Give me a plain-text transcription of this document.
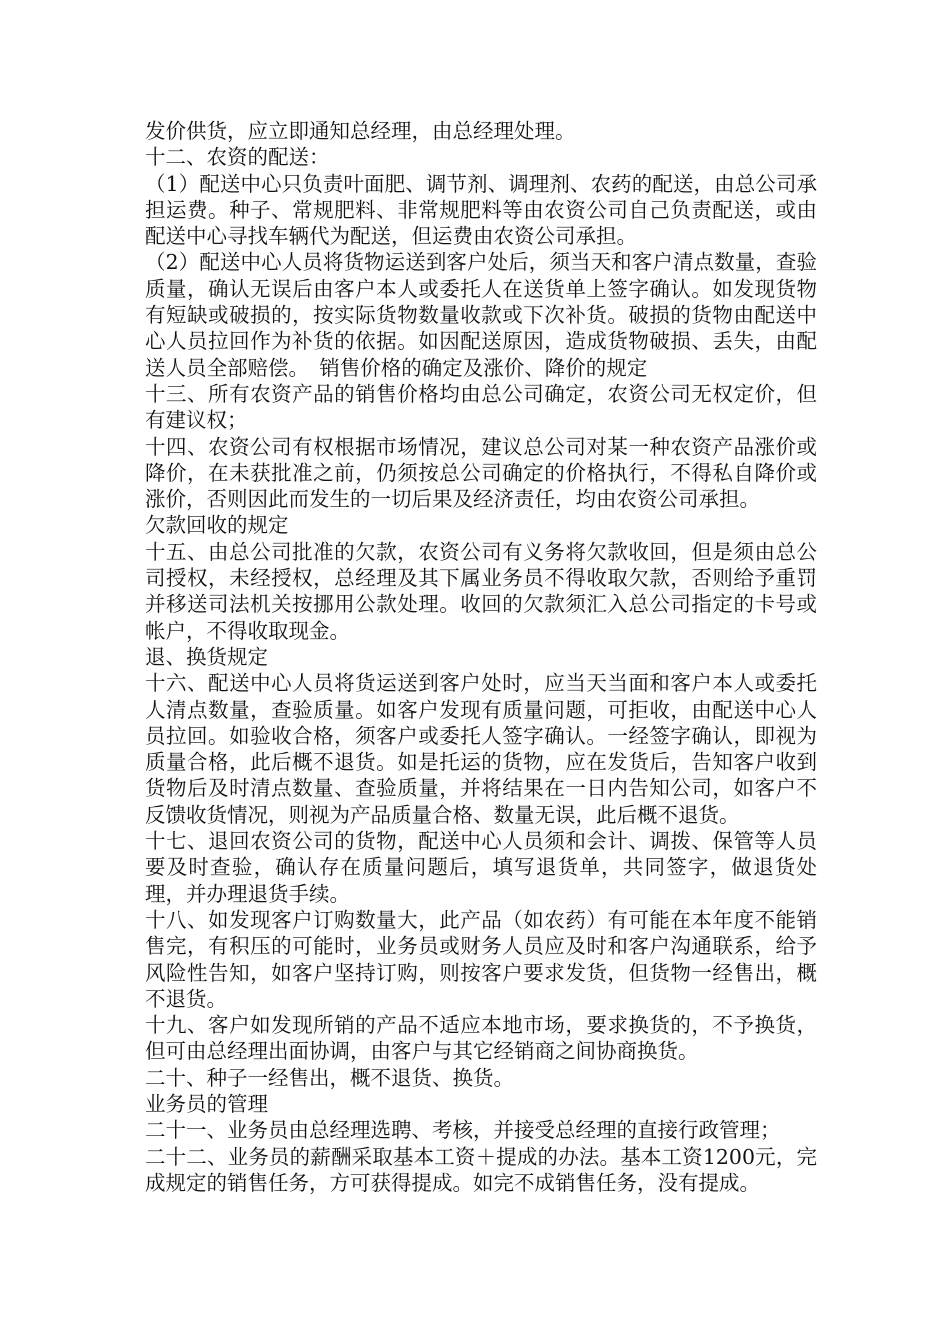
发价供货，应立即通知总经理，由总经理处理。

十二、农资的配送：

（1）配送中心只负责叶面肥、调节剂、调理剂、农药的配送，由总公司承担运费。种子、常规肥料、非常规肥料等由农资公司自己负责配送，或由配送中心寻找车辆代为配送，但运费由农资公司承担。

（2）配送中心人员将货物运送到客户处后，须当天和客户清点数量，查验质量，确认无误后由客户本人或委托人在送货单上签字确认。如发现货物有短缺或破损的，按实际货物数量收款或下次补货。破损的货物由配送中心人员拉回作为补货的依据。如因配送原因，造成货物破损、丢失，由配送人员全部赔偿。　销售价格的确定及涨价、降价的规定

十三、所有农资产品的销售价格均由总公司确定，农资公司无权定价，但有建议权；

十四、农资公司有权根据市场情况，建议总公司对某一种农资产品涨价或降价，在未获批准之前，仍须按总公司确定的价格执行，不得私自降价或涨价，否则因此而发生的一切后果及经济责任，均由农资公司承担。

欠款回收的规定

十五、由总公司批准的欠款，农资公司有义务将欠款收回，但是须由总公司授权，未经授权，总经理及其下属业务员不得收取欠款，否则给予重罚并移送司法机关按挪用公款处理。收回的欠款须汇入总公司指定的卡号或帐户，不得收取现金。

退、换货规定

十六、配送中心人员将货运送到客户处时，应当天当面和客户本人或委托人清点数量，查验质量。如客户发现有质量问题，可拒收，由配送中心人员拉回。如验收合格，须客户或委托人签字确认。一经签字确认，即视为质量合格，此后概不退货。如是托运的货物，应在发货后，告知客户收到货物后及时清点数量、查验质量，并将结果在一日内告知公司，如客户不反馈收货情况，则视为产品质量合格、数量无误，此后概不退货。

十七、退回农资公司的货物，配送中心人员须和会计、调拨、保管等人员要及时查验，确认存在质量问题后，填写退货单，共同签字，做退货处理，并办理退货手续。

十八、如发现客户订购数量大，此产品（如农药）有可能在本年度不能销售完，有积压的可能时，业务员或财务人员应及时和客户沟通联系，给予风险性告知，如客户坚持订购，则按客户要求发货，但货物一经售出，概不退货。

十九、客户如发现所销的产品不适应本地市场，要求换货的，不予换货，但可由总经理出面协调，由客户与其它经销商之间协商换货。

二十、种子一经售出，概不退货、换货。

业务员的管理

二十一、业务员由总经理选聘、考核，并接受总经理的直接行政管理；

二十二、业务员的薪酬采取基本工资＋提成的办法。基本工资1200元，完成规定的销售任务，方可获得提成。如完不成销售任务，没有提成。
